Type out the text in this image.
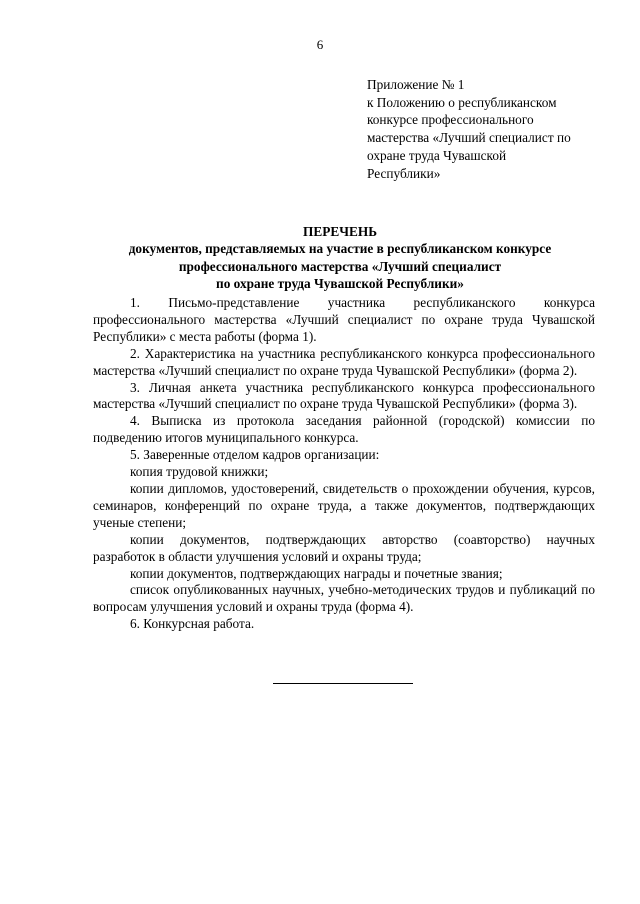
6
Приложение № 1
к Положению о республиканском
конкурсе профессионального
мастерства «Лучший специалист по
охране труда Чувашской
Республики»
ПЕРЕЧЕНЬ
документов, представляемых на участие в республиканском конкурсе
профессионального мастерства «Лучший специалист
по охране труда Чувашской Республики»

1. Письмо-представление участника республиканского конкурса профессионального мастерства «Лучший специалист по охране труда Чувашской Республики» с места работы (форма 1).

2. Характеристика на участника республиканского конкурса профессионального мастерства «Лучший специалист по охране труда Чувашской Республики» (форма 2).

3. Личная анкета участника республиканского конкурса профессионального мастерства «Лучший специалист по охране труда Чувашской Республики» (форма 3).

4. Выписка из протокола заседания районной (городской) комиссии по подведению итогов муниципального конкурса.

5. Заверенные отделом кадров организации:

копия трудовой книжки;

копии дипломов, удостоверений, свидетельств о прохождении обучения, курсов, семинаров, конференций по охране труда, а также документов, подтверждающих ученые степени;

копии документов, подтверждающих авторство (соавторство) научных разработок в области улучшения условий и охраны труда;

копии документов, подтверждающих награды и почетные звания;

список опубликованных научных, учебно-методических трудов и публикаций по вопросам улучшения условий и охраны труда (форма 4).

6. Конкурсная работа.
